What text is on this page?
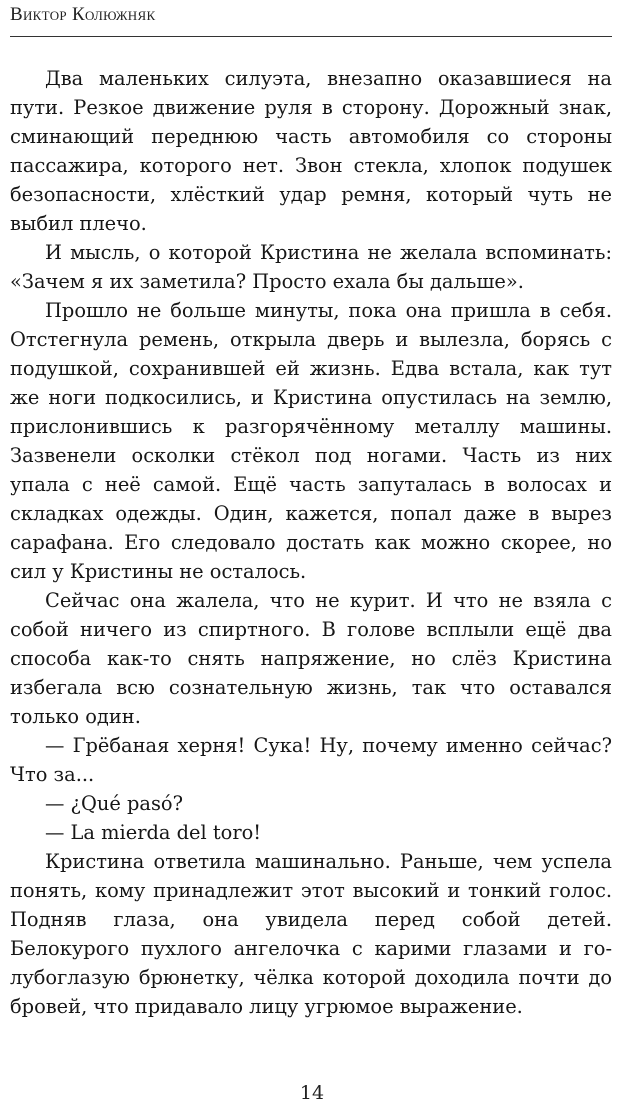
Виктор Колюжняк

Два маленьких силуэта, внезапно оказавшиеся на пути. Резкое движение руля в сторону. Дорожный знак, сминающий переднюю часть автомобиля со стороны пассажира, которого нет. Звон стекла, хлопок подушек безопасности, хлёсткий удар ремня, который чуть не выбил плечо.

И мысль, о которой Кристина не желала вспоминать: «Зачем я их заметила? Просто ехала бы дальше».

Прошло не больше минуты, пока она пришла в себя. Отстегнула ремень, открыла дверь и вылезла, борясь с подушкой, сохранившей ей жизнь. Едва встала, как тут же ноги подкосились, и Кристина опустилась на землю, прислонившись к разгорячённому металлу машины. Зазвенели осколки стёкол под ногами. Часть из них упала с неё самой. Ещё часть запуталась в волосах и складках одежды. Один, кажется, попал даже в вырез сарафана. Его следовало достать как можно скорее, но сил у Кристины не осталось.

Сейчас она жалела, что не курит. И что не взяла с собой ничего из спиртного. В голове всплыли ещё два способа как-то снять напряжение, но слёз Кристина избегала всю сознательную жизнь, так что оставался только один.

— Грёбаная херня! Сука! Ну, почему именно сейчас? Что за...

— ¿Qué pasó?

— La mierda del toro!

Кристина ответила машинально. Раньше, чем успела понять, кому принадлежит этот высокий и тонкий голос. Подняв глаза, она увидела перед собой детей. Белокурого пухлого ангелочка с карими глазами и голубоглазую брюнетку, чёлка которой доходила почти до бровей, что придавало лицу угрюмое выражение.

14
